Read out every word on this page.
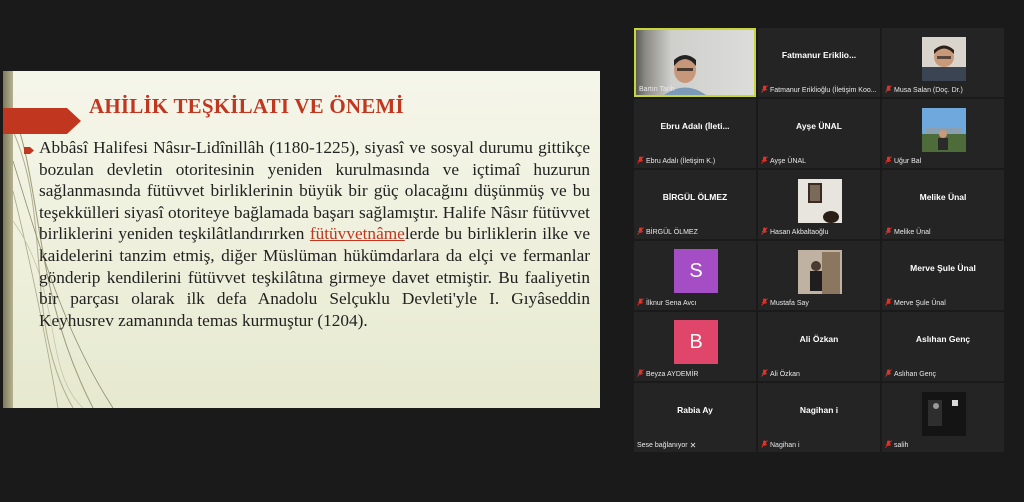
AHİLİK TEŞKİLATI VE ÖNEMİ

Abbâsî Halifesi Nâsır-Lidînillâh (1180-1225), siyasî ve sosyal durumu gittikçe bozulan devletin otoritesinin yeniden kurulmasında ve içtimaî huzurun sağlanmasında fütüvvet birliklerinin büyük bir güç olacağını düşünmüş ve bu teşekkülleri siyasî otoriteye bağlamada başarı sağlamıştır. Halife Nâsır fütüvvet birliklerini yeniden teşkilâtlandırırken fütüvvetnâmelerde bu birliklerin ilke ve kaidelerini tanzim etmiş, diğer Müslüman hükümdarlara da elçi ve fermanlar gönderip kendilerini fütüvvet teşkilâtına girmeye davet etmiştir. Bu faaliyetin bir parçası olarak ilk defa Anadolu Selçuklu Devleti'yle I. Gıyâseddin Keyhusrev zamanında temas kurmuştur (1204).

Bartın Tarih
Fatmanur Eriklio...
Fatmanur Eriklioğlu (İletişim Koo... Musa Salan (Doç. Dr.)
Ebru Adalı (İleti...
Ebru Adalı (İletişim K.)
Ayşe ÜNAL
Ayşe ÜNAL	Uğur Bal
BİRGÜL ÖLMEZ
BİRGÜL ÖLMEZ	Hasan Akbaltaoğlu
Melike Ünal
Melike Ünal
S
İlknur Sena Avcı	Mustafa Say
Merve Şule Ünal
Merve Şule Ünal
B
Beyza AYDEMİR
Ali Özkan
Ali Özkan
Aslıhan Genç
Aslıhan Genç
Rabia Ay
Sese bağlanıyor ✕
Nagihan i
Nagihan i	salih
